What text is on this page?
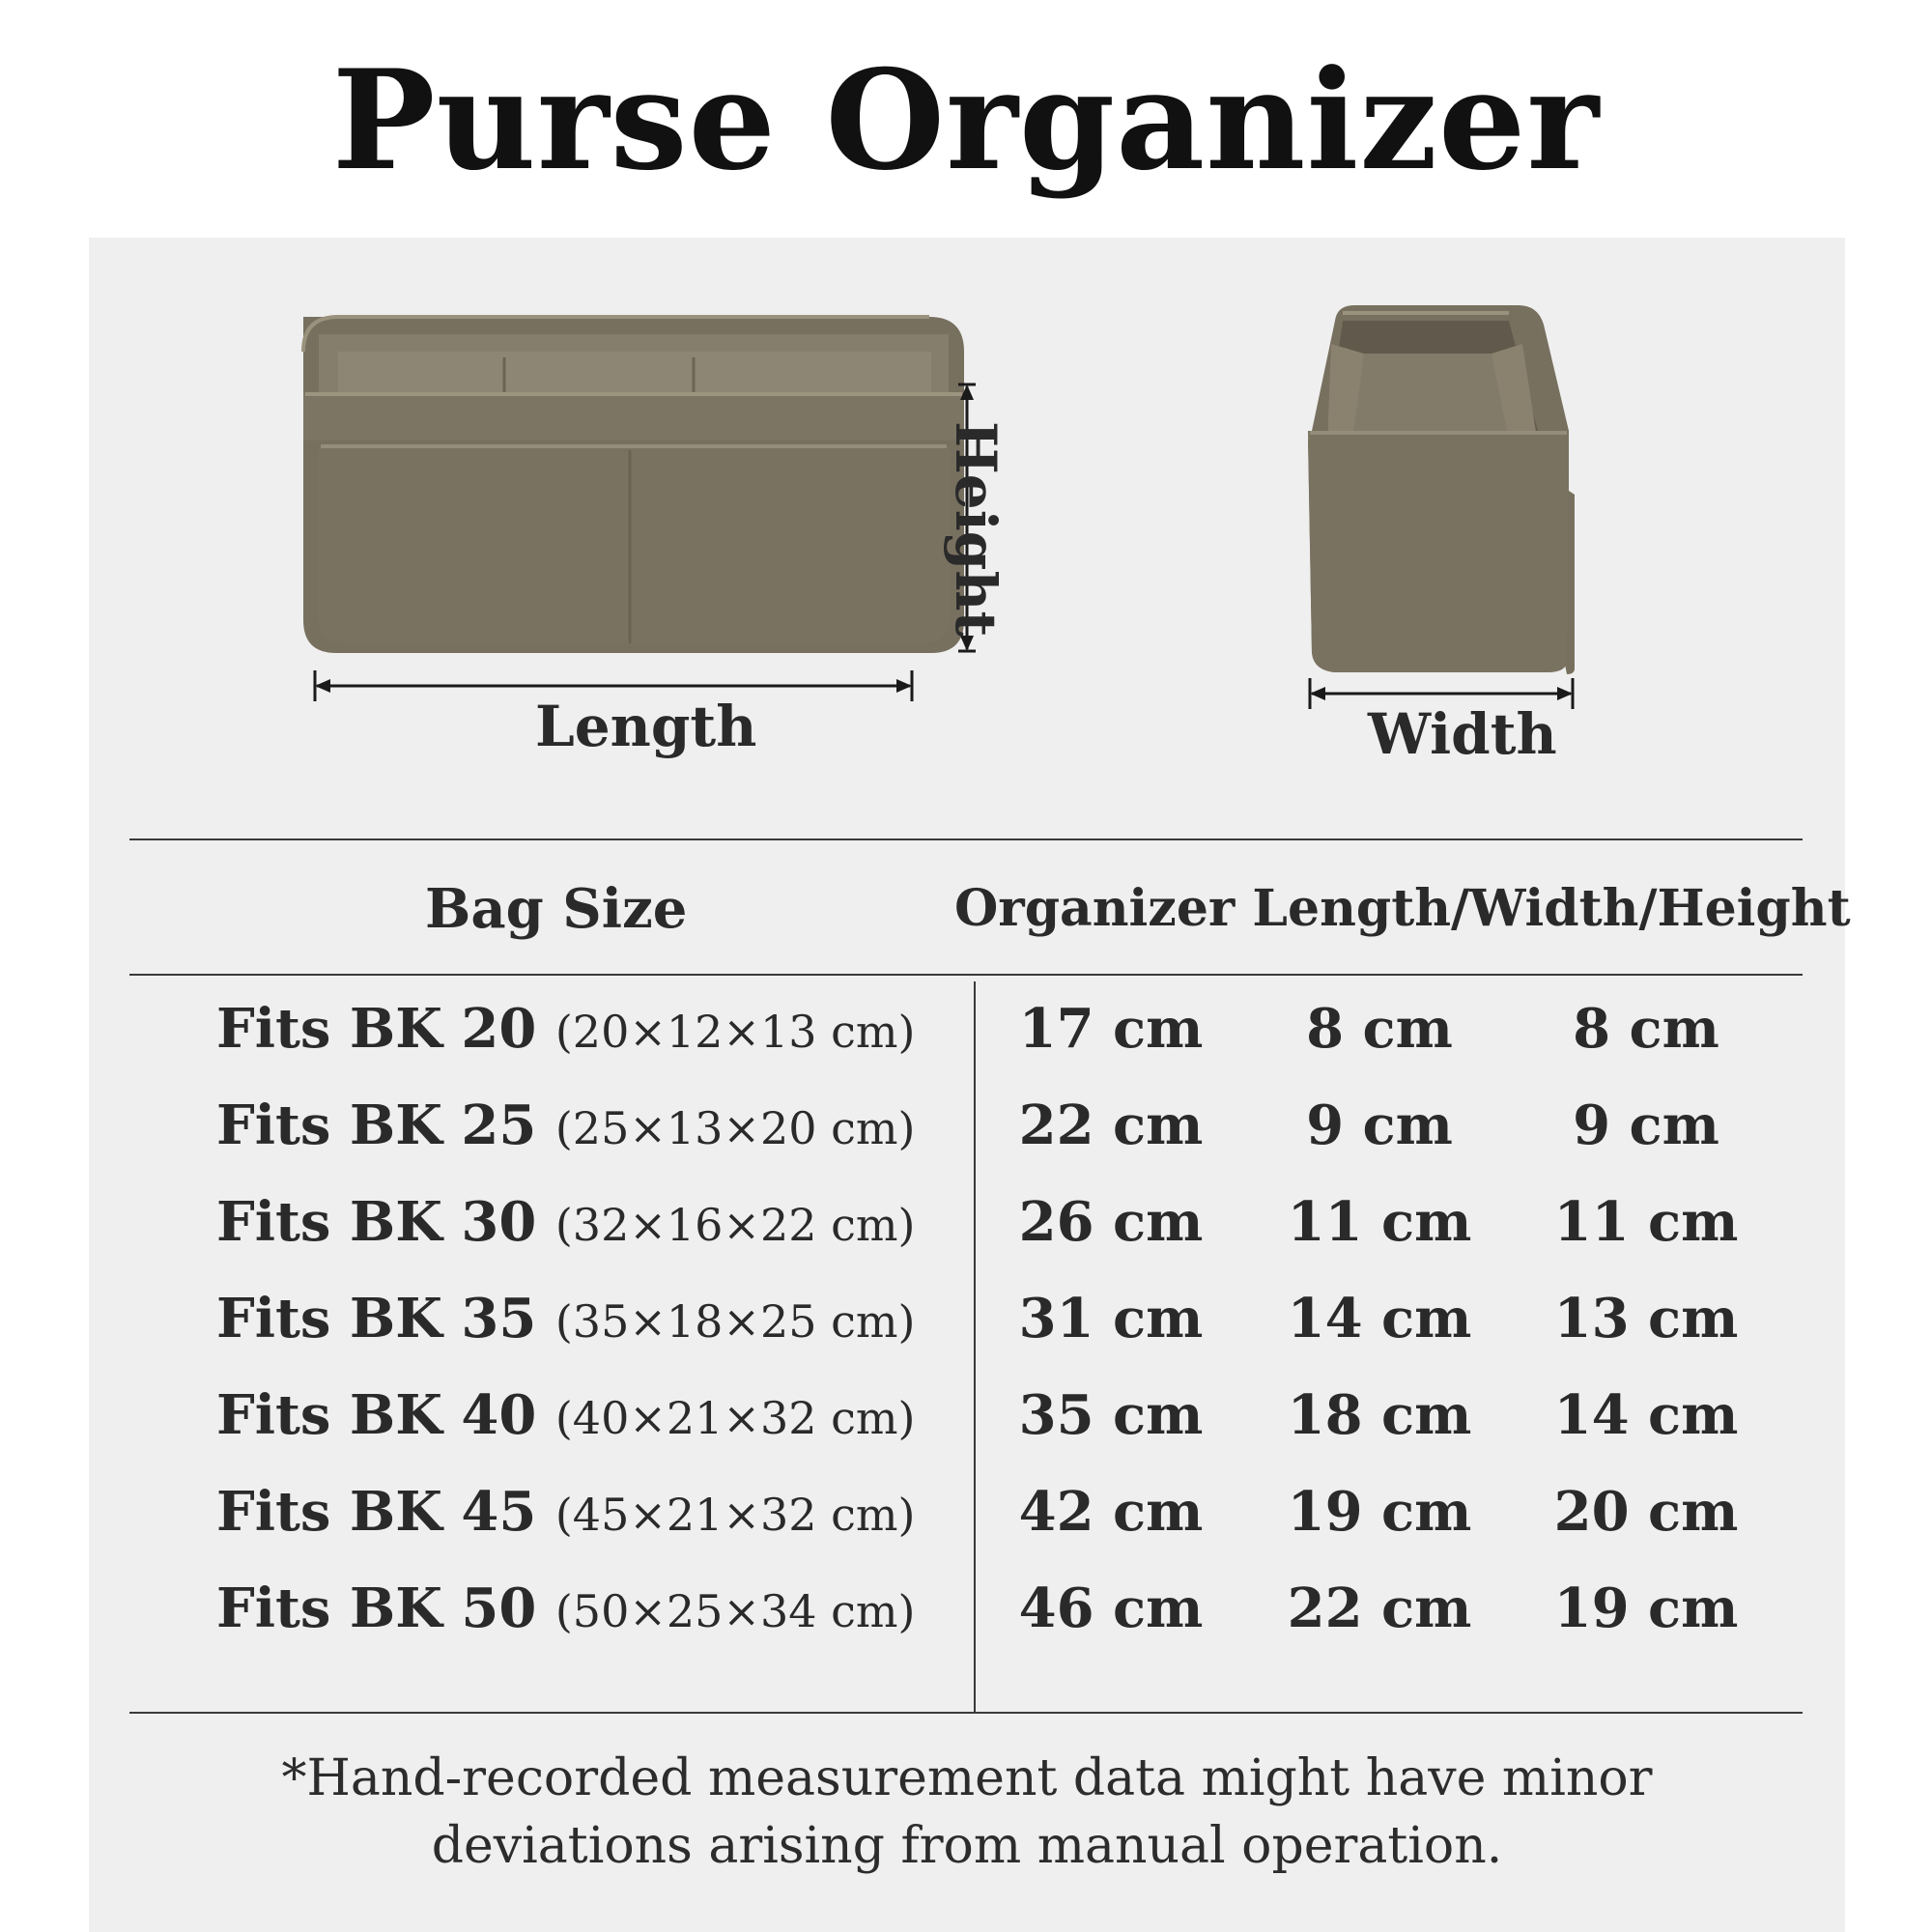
Purse Organizer
Length	Width
Height
Bag Size	Organizer Length/Width/Height
Fits BK 20 (20×12×13 cm)	17 cm	8 cm	8 cm
Fits BK 25 (25×13×20 cm)	22 cm	9 cm	9 cm
Fits BK 30 (32×16×22 cm)	26 cm	11 cm	11 cm
Fits BK 35 (35×18×25 cm)	31 cm	14 cm	13 cm
Fits BK 40 (40×21×32 cm)	35 cm	18 cm	14 cm
Fits BK 45 (45×21×32 cm)	42 cm	19 cm	20 cm
Fits BK 50 (50×25×34 cm)	46 cm	22 cm	19 cm
*Hand-recorded measurement data might have minor
deviations arising from manual operation.
